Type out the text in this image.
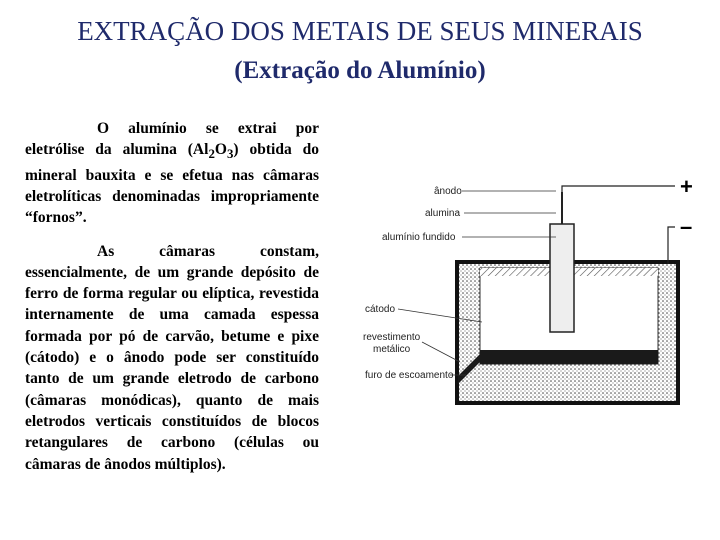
EXTRAÇÃO DOS METAIS DE SEUS MINERAIS
(Extração do Alumínio)

O alumínio se extrai por eletrólise da alumina $(Al_2O_3)$ obtida do mineral bauxita e se efetua nas câmaras eletrolíticas denominadas impropriamente “fornos”.

As câmaras constam, essencialmente, de um grande depósito de ferro de forma regular ou elíptica, revestida internamente de uma camada espessa formada por pó de carvão, betume e pixe (cátodo) e o ânodo pode ser constituído tanto de um grande eletrodo de carbono (câmaras monódicas), quanto de mais eletrodos verticais constituídos de blocos retangulares de carbono (células ou câmaras de ânodos múltiplos).

ânodo
alumina
alumínio fundido
cátodo
revestimento
metálico
furo de escoamento
+
–
